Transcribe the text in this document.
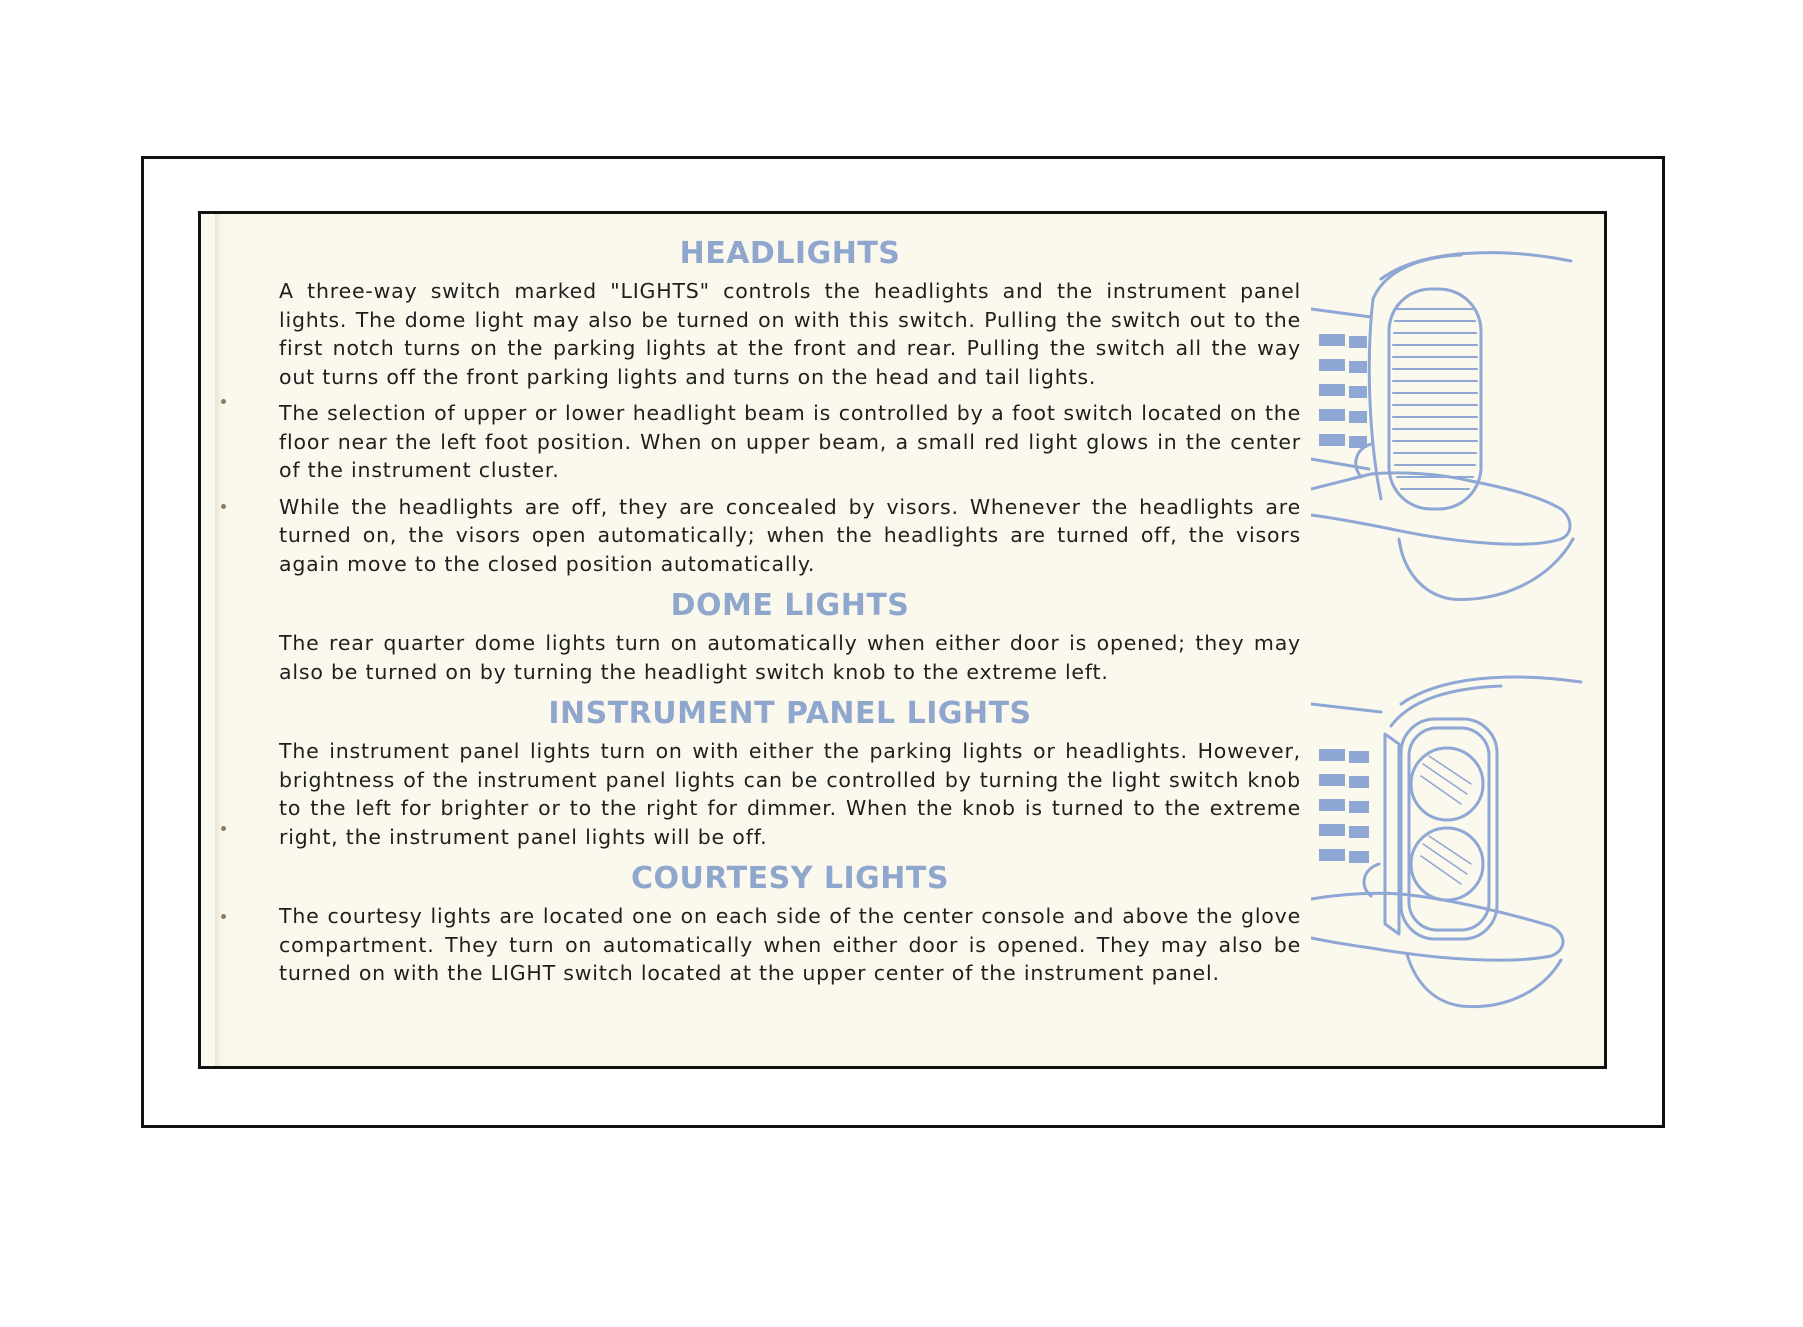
HEADLIGHTS

A three-way switch marked "LIGHTS" controls the headlights and the instrument panel lights. The dome light may also be turned on with this switch. Pulling the switch out to the first notch turns on the parking lights at the front and rear. Pulling the switch all the way out turns off the front parking lights and turns on the head and tail lights.

The selection of upper or lower headlight beam is controlled by a foot switch located on the floor near the left foot position. When on upper beam, a small red light glows in the center of the instrument cluster.

While the headlights are off, they are concealed by visors. Whenever the headlights are turned on, the visors open automatically; when the headlights are turned off, the visors again move to the closed position automatically.

DOME LIGHTS

The rear quarter dome lights turn on automatically when either door is opened; they may also be turned on by turning the headlight switch knob to the extreme left.

INSTRUMENT PANEL LIGHTS

The instrument panel lights turn on with either the parking lights or headlights. However, brightness of the instrument panel lights can be controlled by turning the light switch knob to the left for brighter or to the right for dimmer. When the knob is turned to the extreme right, the instrument panel lights will be off.

COURTESY LIGHTS

The courtesy lights are located one on each side of the center console and above the glove compartment. They turn on automatically when either door is opened. They may also be turned on with the LIGHT switch located at the upper center of the instrument panel.
